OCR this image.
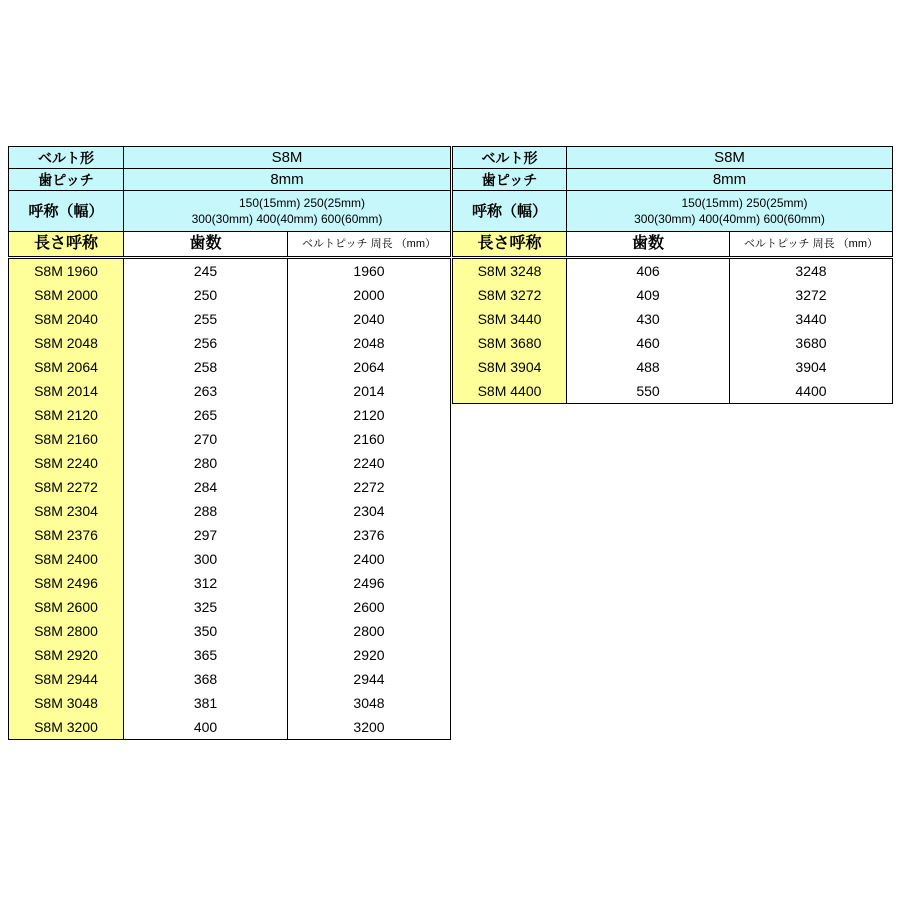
ベルト形	S8M	
歯ピッチ	8mm	
呼称（幅）	150(15mm) 250(25mm)
300(30mm) 400(40mm) 600(60mm)	

長さ呼称	歯数	ベルトピッチ 周長 （mm）
S8M 1960	245	1960
S8M 2000	250	2000
S8M 2040	255	2040
S8M 2048	256	2048
S8M 2064	258	2064
S8M 2014	263	2014
S8M 2120	265	2120
S8M 2160	270	2160
S8M 2240	280	2240
S8M 2272	284	2272
S8M 2304	288	2304
S8M 2376	297	2376
S8M 2400	300	2400
S8M 2496	312	2496
S8M 2600	325	2600
S8M 2800	350	2800
S8M 2920	365	2920
S8M 2944	368	2944
S8M 3048	381	3048
S8M 3200	400	3200
ベルト形	S8M	
歯ピッチ	8mm	
呼称（幅）	150(15mm) 250(25mm)
300(30mm) 400(40mm) 600(60mm)	

長さ呼称	歯数	ベルトピッチ 周長 （mm）
S8M 3248	406	3248
S8M 3272	409	3272
S8M 3440	430	3440
S8M 3680	460	3680
S8M 3904	488	3904
S8M 4400	550	4400
